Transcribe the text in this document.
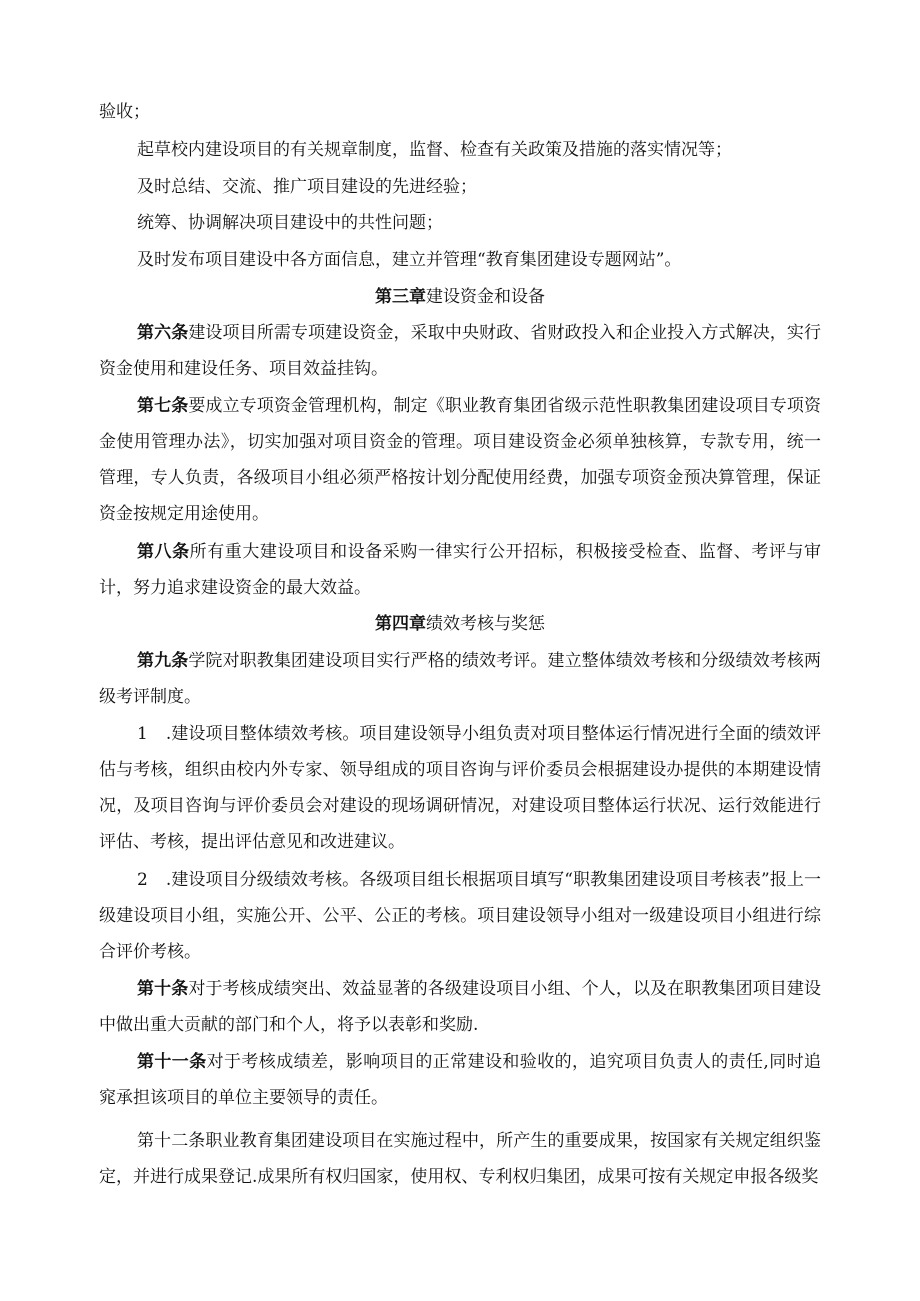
验收；
起草校内建设项目的有关规章制度，监督、检查有关政策及措施的落实情况等；
及时总结、交流、推广项目建设的先进经验；
统筹、协调解决项目建设中的共性问题；
及时发布项目建设中各方面信息，建立并管理“教育集团建设专题网站”。
第三章建设资金和设备
第六条建设项目所需专项建设资金，采取中央财政、省财政投入和企业投入方式解决，实行资金使用和建设任务、项目效益挂钩。
第七条要成立专项资金管理机构，制定《职业教育集团省级示范性职教集团建设项目专项资金使用管理办法》，切实加强对项目资金的管理。项目建设资金必须单独核算，专款专用，统一管理，专人负责，各级项目小组必须严格按计划分配使用经费，加强专项资金预决算管理，保证资金按规定用途使用。
第八条所有重大建设项目和设备采购一律实行公开招标，积极接受检查、监督、考评与审计，努力追求建设资金的最大效益。
第四章绩效考核与奖惩
第九条学院对职教集团建设项目实行严格的绩效考评。建立整体绩效考核和分级绩效考核两级考评制度。
1 .建设项目整体绩效考核。项目建设领导小组负责对项目整体运行情况进行全面的绩效评估与考核，组织由校内外专家、领导组成的项目咨询与评价委员会根据建设办提供的本期建设情况，及项目咨询与评价委员会对建设的现场调研情况，对建设项目整体运行状况、运行效能进行评估、考核，提出评估意见和改进建议。
2 .建设项目分级绩效考核。各级项目组长根据项目填写“职教集团建设项目考核表”报上一级建设项目小组，实施公开、公平、公正的考核。项目建设领导小组对一级建设项目小组进行综合评价考核。
第十条对于考核成绩突出、效益显著的各级建设项目小组、个人，以及在职教集团项目建设中做出重大贡献的部门和个人，将予以表彰和奖励.
第十一条对于考核成绩差，影响项目的正常建设和验收的，追究项目负责人的责任,同时追窕承担该项目的单位主要领导的责任。
第十二条职业教育集团建设项目在实施过程中，所产生的重要成果，按国家有关规定组织鉴定，并进行成果登记.成果所有权归国家，使用权、专利权归集团，成果可按有关规定申报各级奖
